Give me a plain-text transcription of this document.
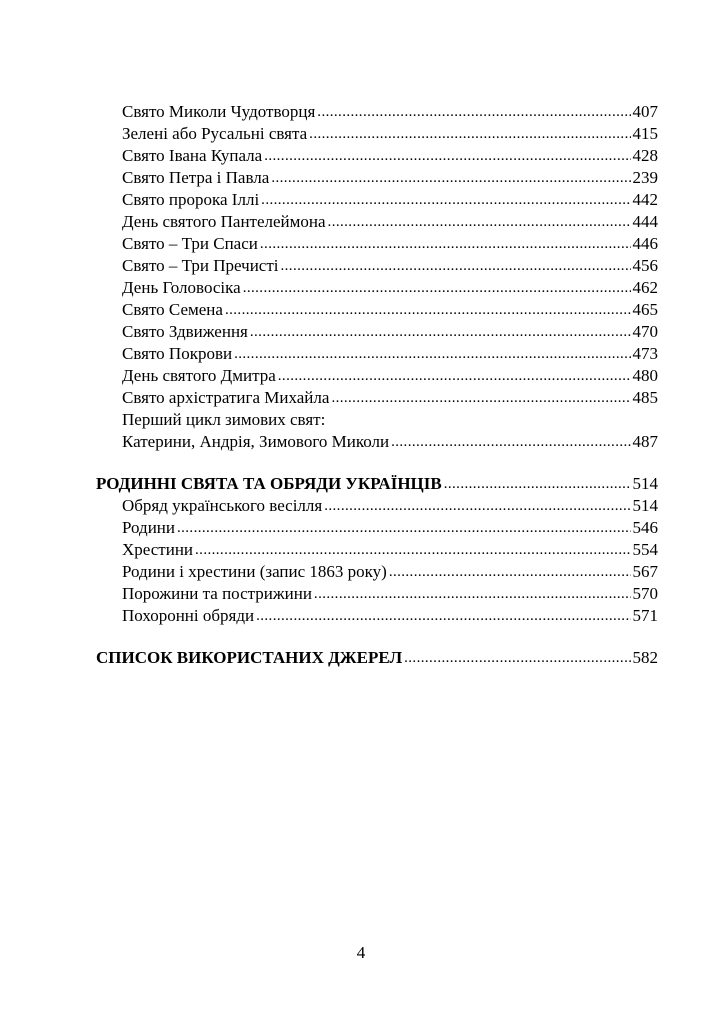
Свято Миколи Чудотворця .....	407
Зелені або Русальні свята .....	415
Свято Івана Купала .....	428
Свято Петра і Павла .....	239
Свято пророка Іллі .....	442
День святого Пантелеймона .....	444
Свято – Три Спаси .....	446
Свято – Три Пречисті .....	456
День Головосіка .....	462
Свято Семена .....	465
Свято Здвиження .....	470
Свято Покрови .....	473
День святого Дмитра .....	480
Свято архістратига Михайла .....	485
Перший цикл зимових свят:
Катерини, Андрія, Зимового Миколи .....	487
РОДИННІ СВЯТА ТА ОБРЯДИ УКРАЇНЦІВ .....	514
Обряд українського весілля .....	514
Родини .....	546
Хрестини .....	554
Родини і хрестини (запис 1863 року) .....	567
Порожини та пострижини .....	570
Похоронні обряди .....	571
СПИСОК ВИКОРИСТАНИХ ДЖЕРЕЛ .....	582
4
